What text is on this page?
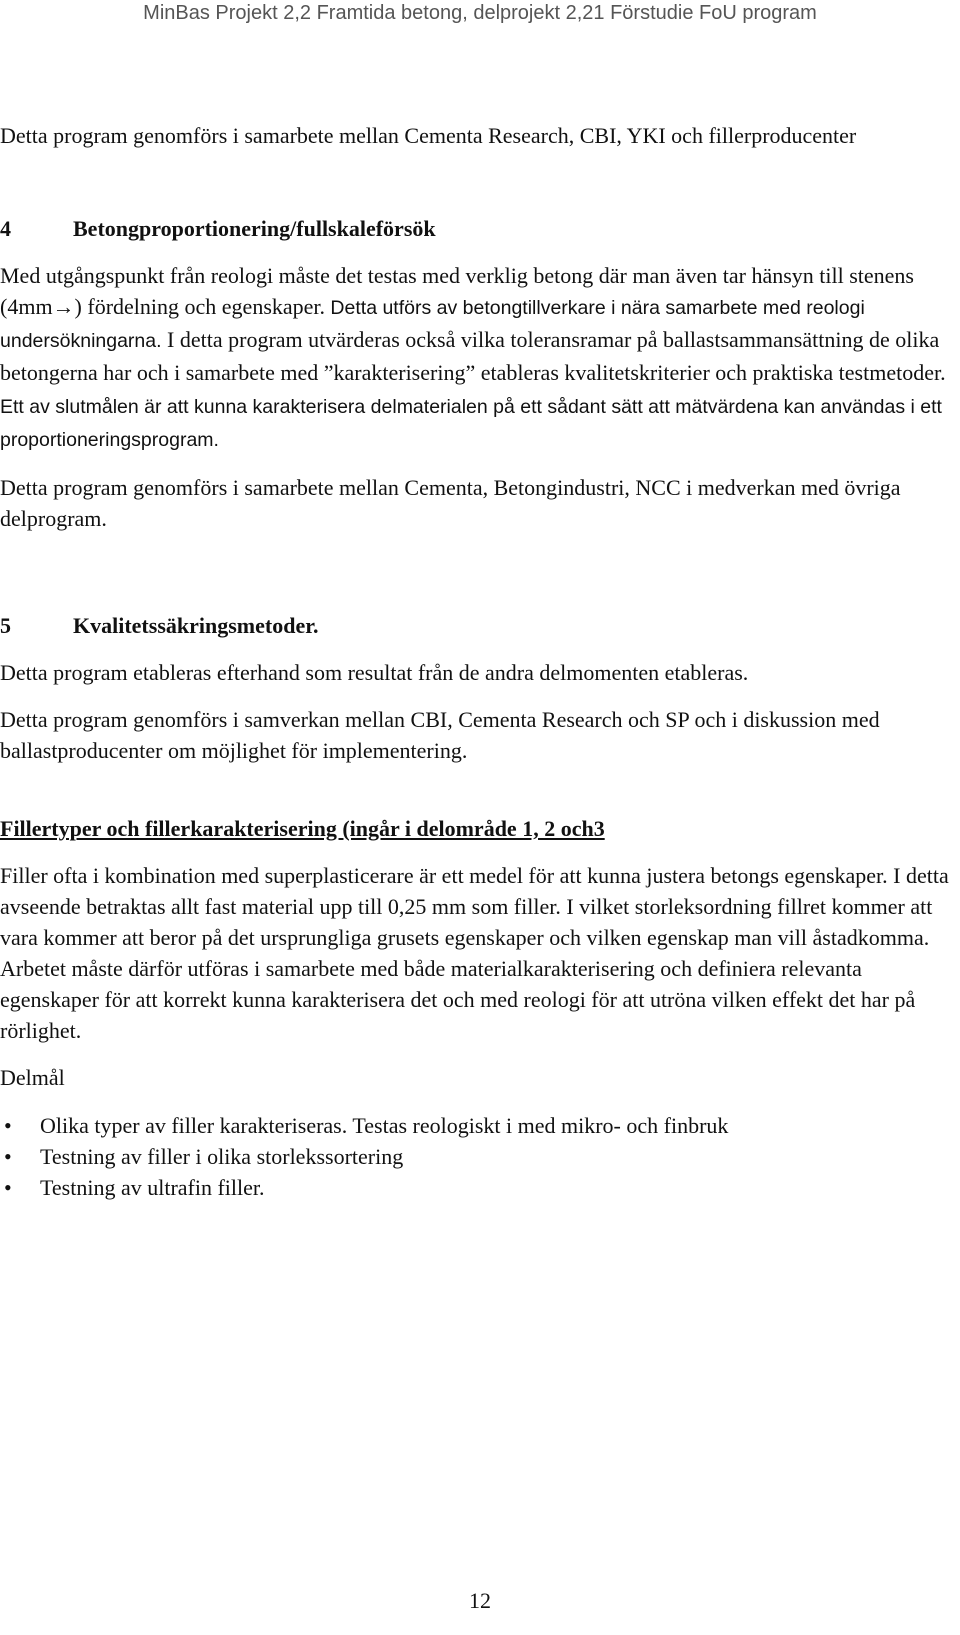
MinBas Projekt 2,2 Framtida betong, delprojekt 2,21 Förstudie FoU program

Detta program genomförs i samarbete mellan Cementa Research, CBI, YKI och fillerproducenter

4	Betongproportionering/fullskaleförsök

Med utgångspunkt från reologi måste det testas med verklig betong där man även tar hänsyn till stenens (4mm→) fördelning och egenskaper. Detta utförs av betongtillverkare i nära samarbete med reologi undersökningarna. I detta program utvärderas också vilka toleransramar på ballastsammansättning de olika betongerna har och i samarbete med ”karakterisering” etableras kvalitetskriterier och praktiska testmetoder. Ett av slutmålen är att kunna karakterisera delmaterialen på ett sådant sätt att mätvärdena kan användas i ett proportioneringsprogram.

Detta program genomförs i samarbete mellan Cementa, Betongindustri, NCC i medverkan med övriga delprogram.

5	Kvalitetssäkringsmetoder.

Detta program etableras efterhand som resultat från de andra delmomenten etableras.

Detta program genomförs i samverkan mellan CBI, Cementa Research och SP och i diskussion med ballastproducenter om möjlighet för implementering.

Fillertyper och fillerkarakterisering (ingår i delområde 1, 2 och3

Filler ofta i kombination med superplasticerare är ett medel för att kunna justera betongs egenskaper. I detta avseende betraktas allt fast material upp till 0,25 mm som filler. I vilket storleksordning fillret kommer att vara kommer att beror på det ursprungliga grusets egenskaper och vilken egenskap man vill åstadkomma. Arbetet måste därför utföras i samarbete med både materialkarakterisering och definiera relevanta egenskaper för att korrekt kunna karakterisera det och med reologi för att utröna vilken effekt det har på rörlighet.

Delmål

• Olika typer av filler karakteriseras. Testas reologiskt i med mikro- och finbruk
• Testning av filler i olika storlekssortering
• Testning av ultrafin filler.
12
